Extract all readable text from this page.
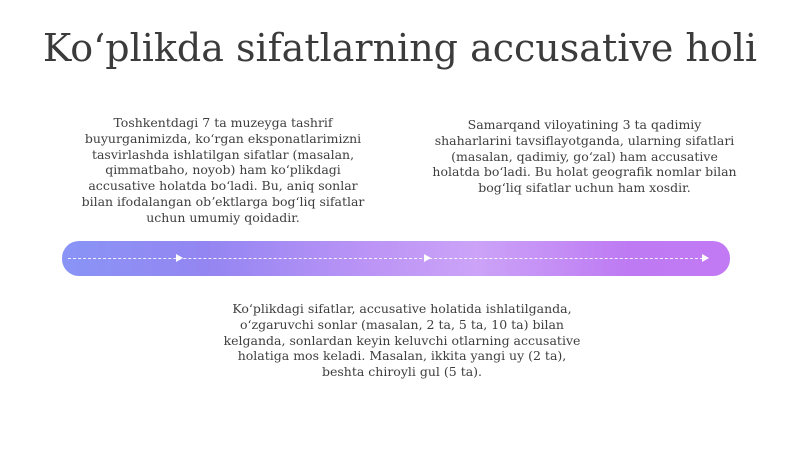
Koʻplikda sifatlarning accusative holi
Toshkentdagi 7 ta muzeyga tashrif buyurganimizda, koʻrgan eksponatlarimizni tasvirlashda ishlatilgan sifatlar (masalan, qimmatbaho, noyob) ham koʻplikdagi accusative holatda boʻladi. Bu, aniq sonlar bilan ifodalangan obʼektlarga bogʻliq sifatlar uchun umumiy qoidadir.
Samarqand viloyatining 3 ta qadimiy shaharlarini tavsiflayotganda, ularning sifatlari (masalan, qadimiy, goʻzal) ham accusative holatda boʻladi. Bu holat geografik nomlar bilan bogʻliq sifatlar uchun ham xosdir.
Koʻplikdagi sifatlar, accusative holatida ishlatilganda, oʻzgaruvchi sonlar (masalan, 2 ta, 5 ta, 10 ta) bilan kelganda, sonlardan keyin keluvchi otlarning accusative holatiga mos keladi. Masalan, ikkita yangi uy (2 ta), beshta chiroyli gul (5 ta).
